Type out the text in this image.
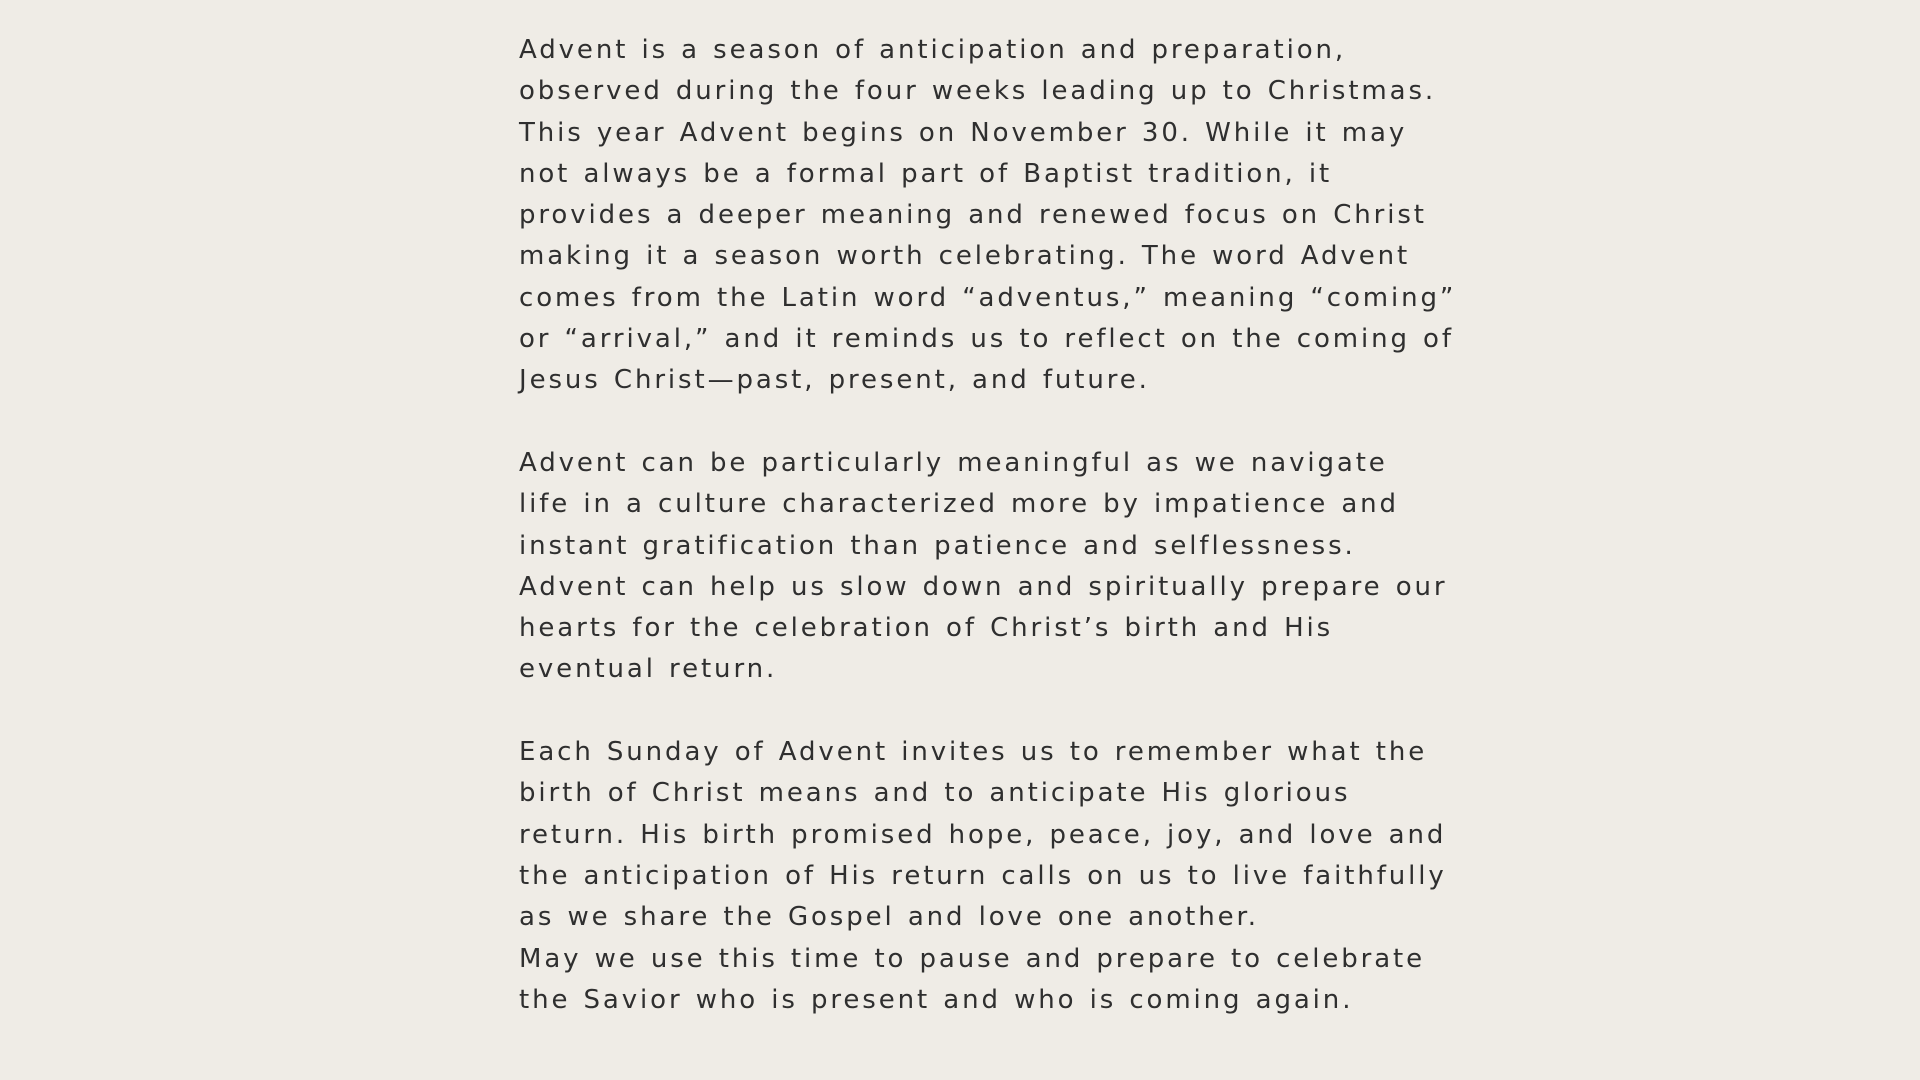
Advent is a season of anticipation and preparation,
observed during the four weeks leading up to Christmas.
This year Advent begins on November 30. While it may
not always be a formal part of Baptist tradition, it
provides a deeper meaning and renewed focus on Christ
making it a season worth celebrating. The word Advent
comes from the Latin word “adventus,” meaning “coming”
or “arrival,” and it reminds us to reflect on the coming of
Jesus Christ—past, present, and future.

Advent can be particularly meaningful as we navigate
life in a culture characterized more by impatience and
instant gratification than patience and selflessness.
Advent can help us slow down and spiritually prepare our
hearts for the celebration of Christ’s birth and His
eventual return.

Each Sunday of Advent invites us to remember what the
birth of Christ means and to anticipate His glorious
return. His birth promised hope, peace, joy, and love and
the anticipation of His return calls on us to live faithfully
as we share the Gospel and love one another.

May we use this time to pause and prepare to celebrate
the Savior who is present and who is coming again.
